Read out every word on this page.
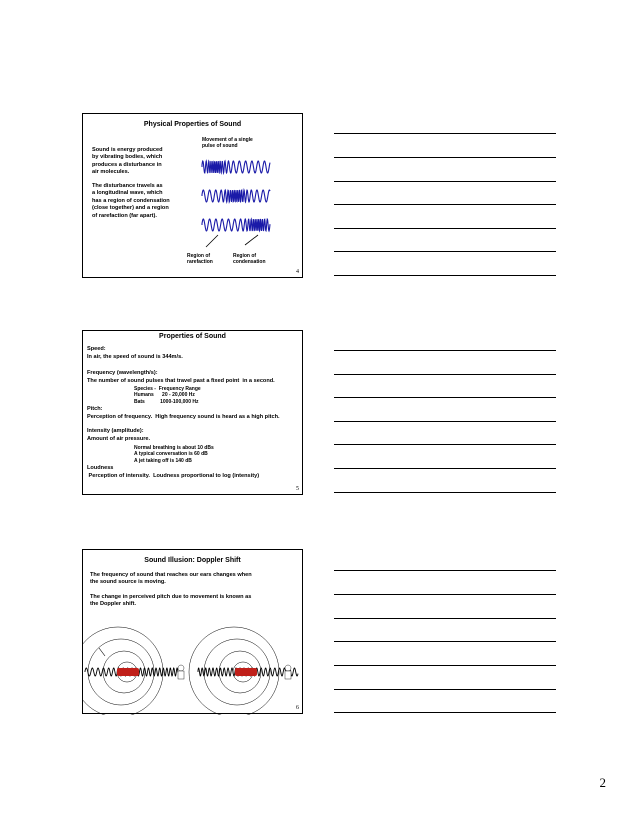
Physical Properties of Sound
Movement of a single
pulse of sound
Sound is energy produced
by vibrating bodies, which
produces a disturbance in
air molecules.
The disturbance travels as
a longitudinal wave, which
has a region of condensation
(close together) and a region
of rarefaction (far apart).
Region of
rarefaction
Region of
condensation
4
Properties of Sound
Speed:
In air, the speed of sound is 344m/s.
Frequency (wavelength/s):
The number of sound pulses that travel past a fixed point  in a second.
Species -  Frequency Range
Humans      20 - 20,000 Hz
Bats           1000-100,000 Hz
Pitch:
Perception of frequency.  High frequency sound is heard as a high pitch.
Intensity (amplitude):
Amount of air pressure.
Normal breathing is about 10 dBs
A typical conversation is 60 dB
A jet taking off is 140 dB
Loudness
Perception of intensity.  Loudness proportional to log (intensity)
5
Sound Illusion: Doppler Shift
The frequency of sound that reaches our ears changes when
the sound source is moving.
The change in perceived pitch due to movement is known as
the Doppler shift.
6
2
